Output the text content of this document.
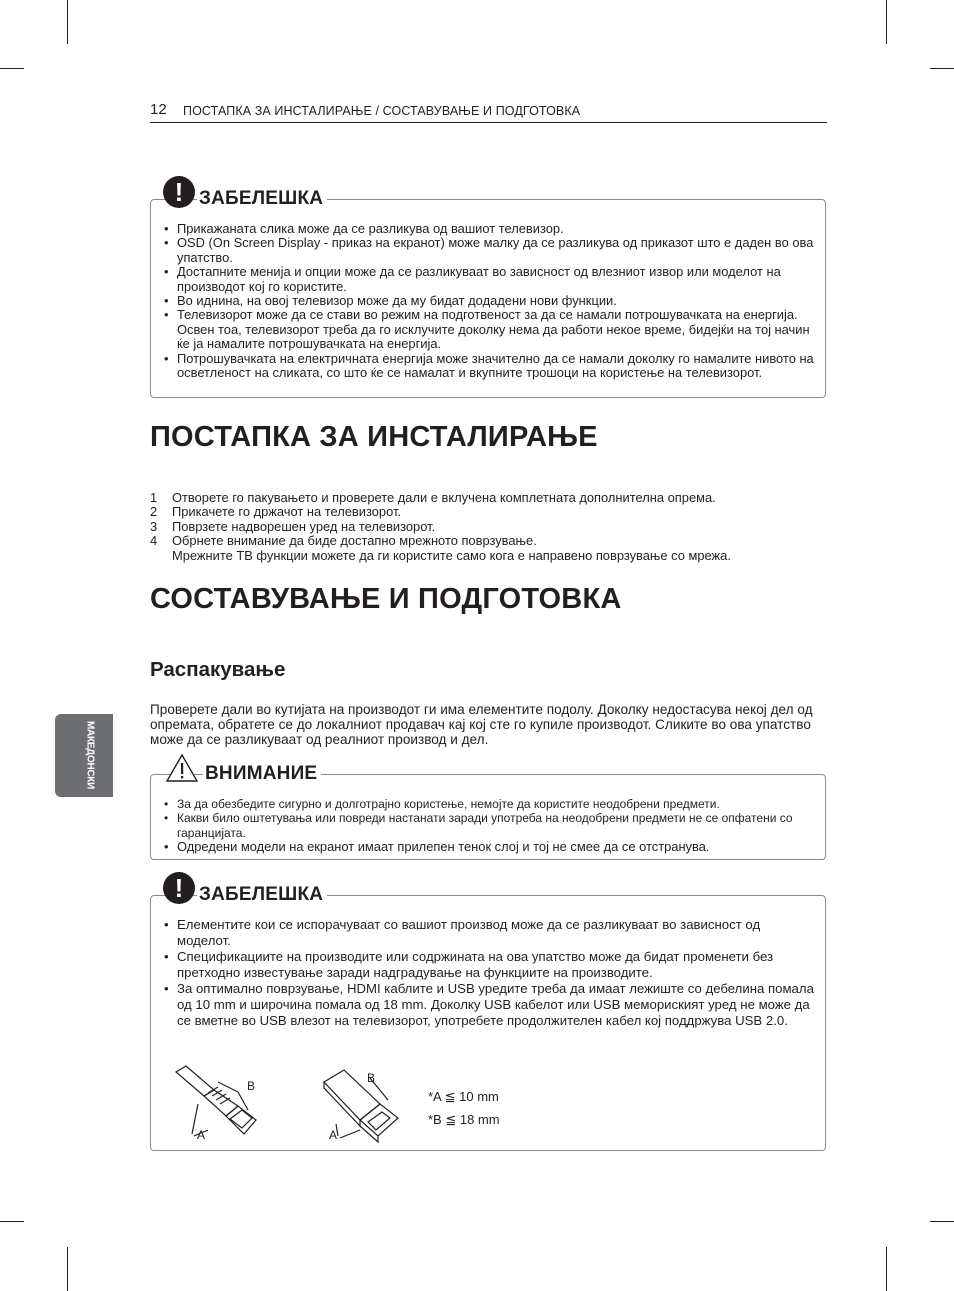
12 ПОСТАПКА ЗА ИНСТАЛИРАЊЕ / СОСТАВУВАЊЕ И ПОДГОТОВКА
! ЗАБЕЛЕШКА
• Прикажаната слика може да се разликува од вашиот телевизор.
• OSD (On Screen Display - приказ на екранот) може малку да се разликува од приказот што е даден во ова упатство.
• Достапните менија и опции може да се разликуваат во зависност од влезниот извор или моделот на производот кој го користите.
• Во иднина, на овој телевизор може да му бидат додадени нови функции.
• Телевизорот може да се стави во режим на подготвеност за да се намали потрошувачката на енергија. Освен тоа, телевизорот треба да го исклучите доколку нема да работи некое време, бидејќи на тој начин ќе ја намалите потрошувачката на енергија.
• Потрошувачката на електричната енергија може значително да се намали доколку го намалите нивото на осветленост на сликата, со што ќе се намалат и вкупните трошоци на користење на телевизорот.
ПОСТАПКА ЗА ИНСТАЛИРАЊЕ
1 Отворете го пакувањето и проверете дали е вклучена комплетната дополнителна опрема.
2 Прикачете го држачот на телевизорот.
3 Поврзете надворешен уред на телевизорот.
4 Обрнете внимание да биде достапно мрежното поврзување.
Мрежните ТВ функции можете да ги користите само кога е направено поврзување со мрежа.
СОСТАВУВАЊЕ И ПОДГОТОВКА
Распакување

Проверете дали во кутијата на производот ги има елементите подолу. Доколку недостасува некој дел од опремата, обратете се до локалниот продавач кај кој сте го купиле производот. Сликите во ова упатство може да се разликуваат од реалниот производ и дел.

МАКЕДОНСКИ	ВНИМАНИЕ
• За да обезбедите сигурно и долготрајно користење, немојте да користите неодобрени предмети.
• Какви било оштетувања или повреди настанати заради употреба на неодобрени предмети не се опфатени со гаранцијата.
• Одредени модели на екранот имаат прилепен тенок слој и тој не смее да се отстранува.
! ЗАБЕЛЕШКА
• Елементите кои се испорачуваат со вашиот производ може да се разликуваат во зависност од моделот.
• Спецификациите на производите или содржината на ова упатство може да бидат променети без претходно известување заради надградување на функциите на производите.
• За оптимално поврзување, HDMI каблите и USB уредите треба да имаат лежиште со дебелина помала од 10 mm и широчина помала од 18 mm. Доколку USB кабелот или USB мемориският уред не може да се вметне во USB влезот на телевизорот, употребете продолжителен кабел кој поддржува USB 2.0.
B
A
B
A
*A ≦ 10 mm
*B ≦ 18 mm
